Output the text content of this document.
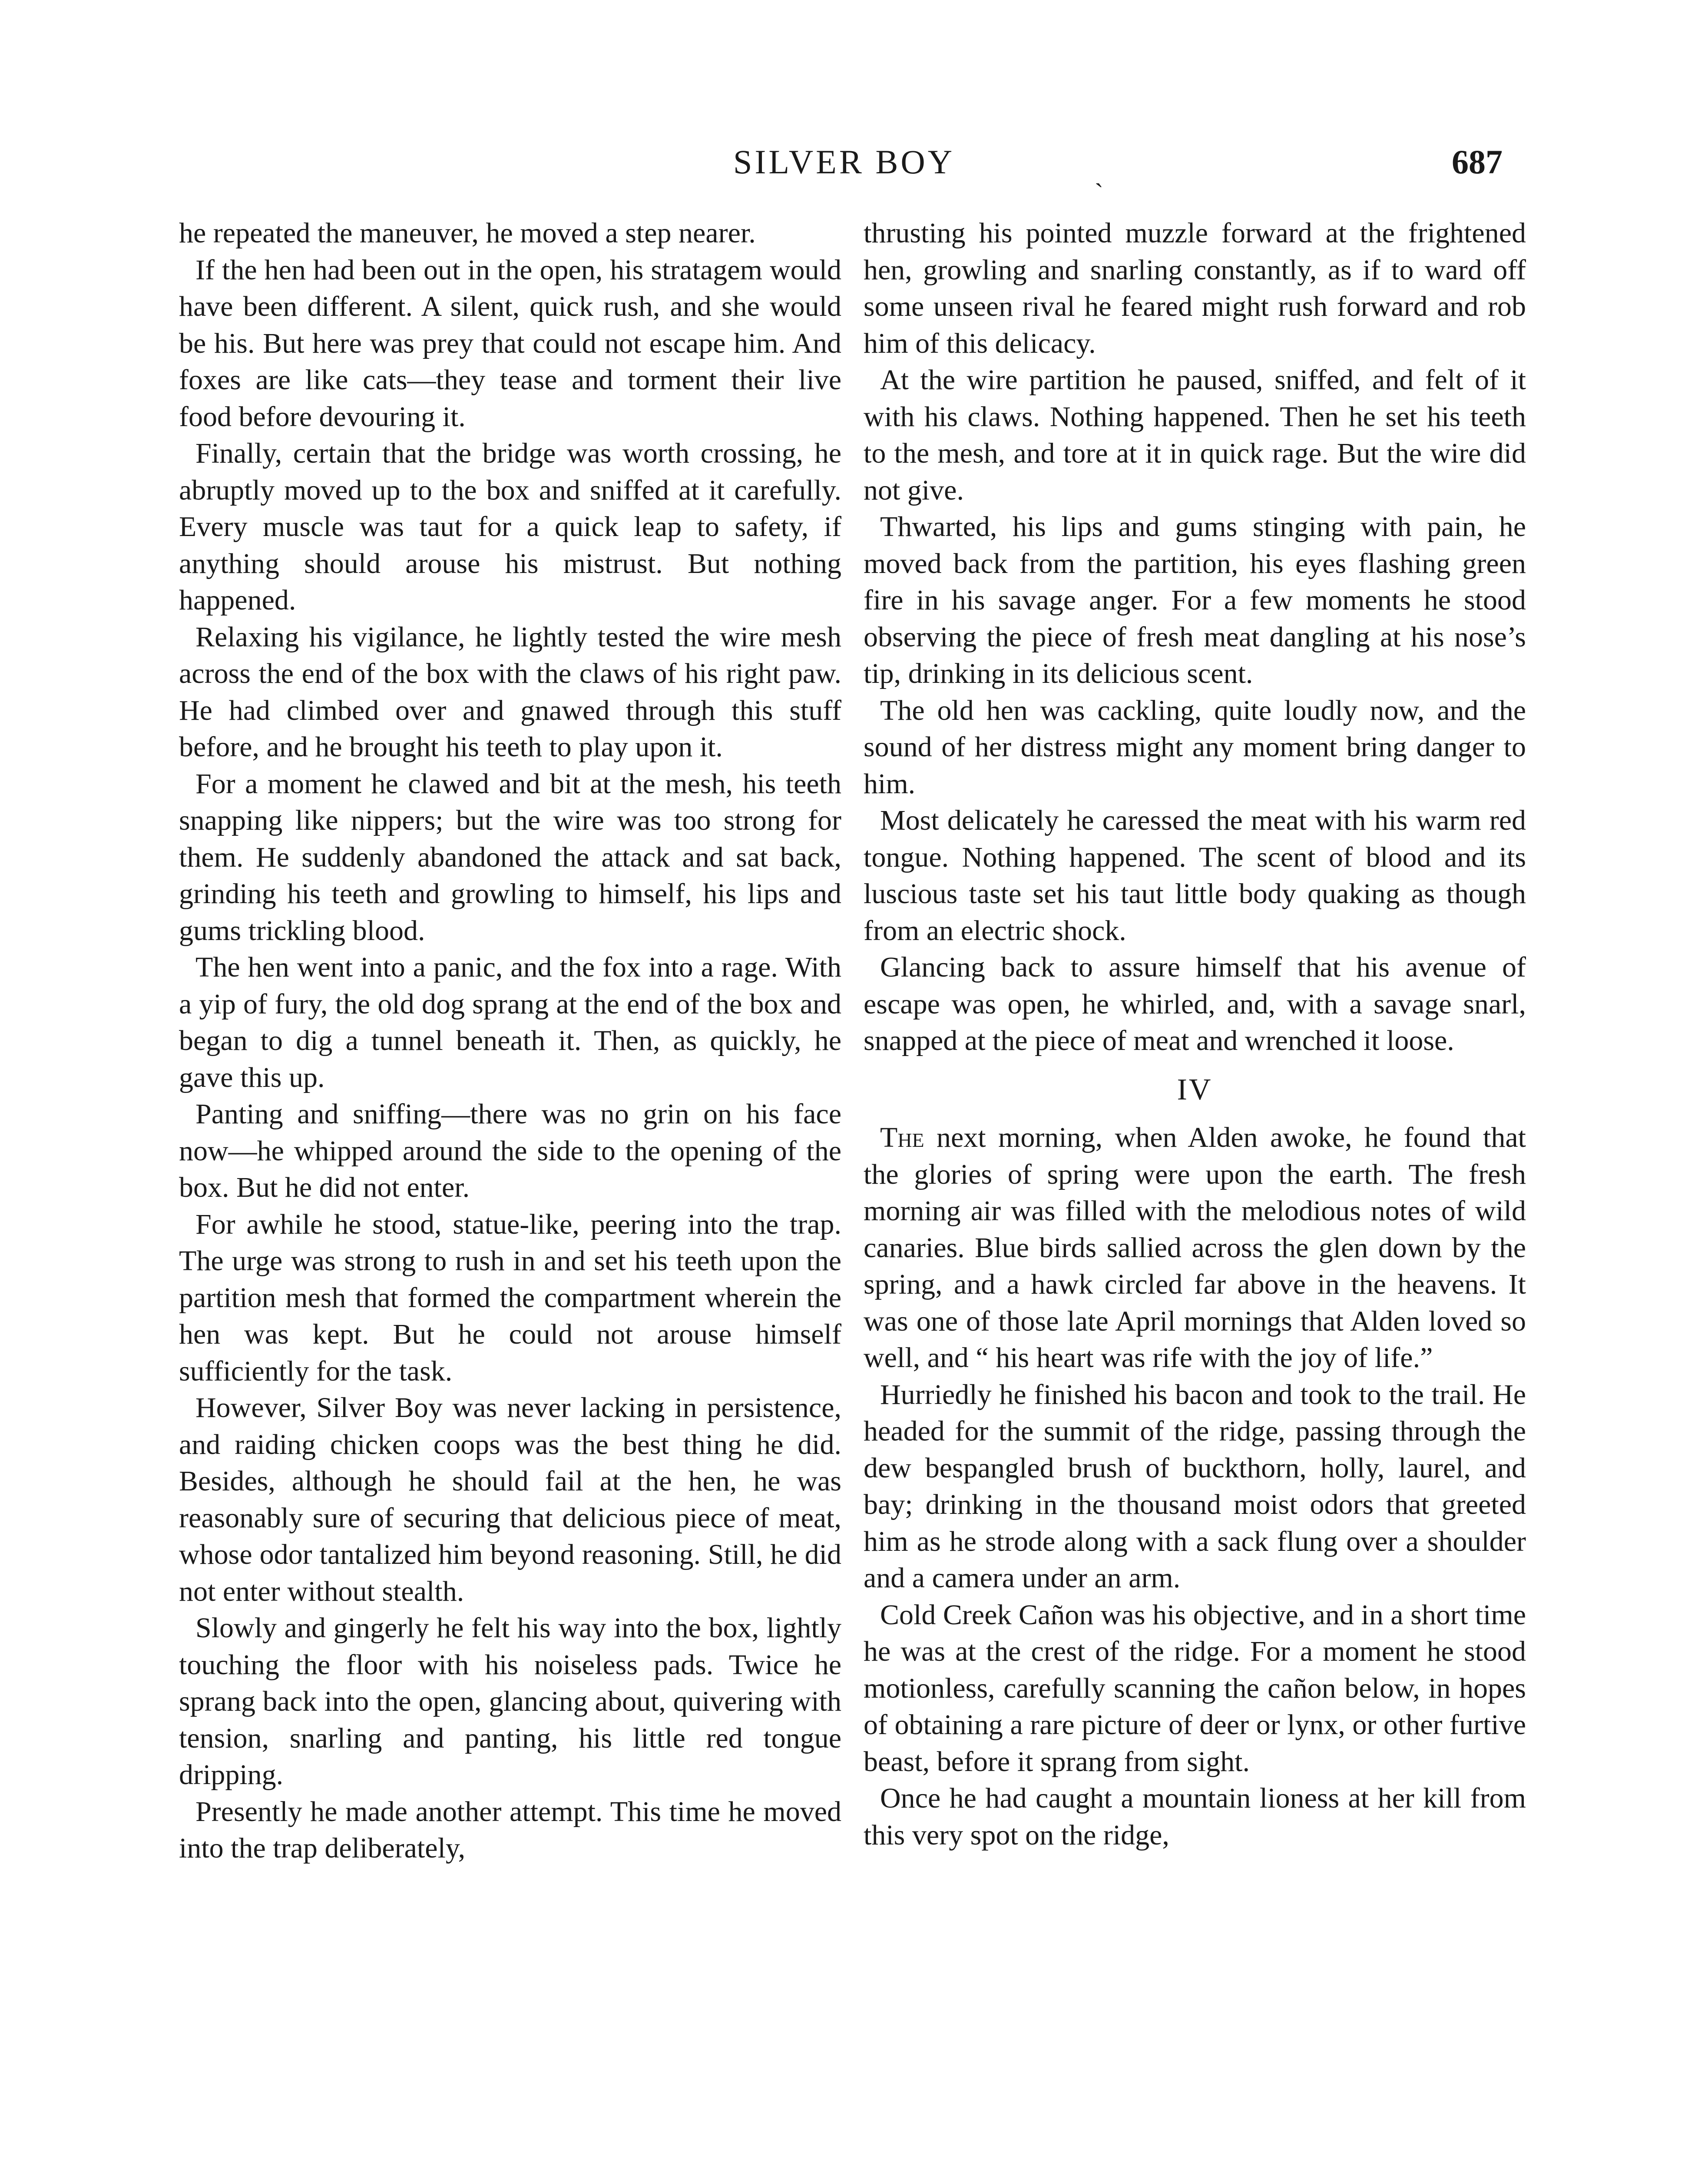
SILVER BOY	ˏ	687

he repeated the maneuver, he moved a step nearer.

If the hen had been out in the open, his stratagem would have been different. A silent, quick rush, and she would be his. But here was prey that could not escape him. And foxes are like cats—they tease and torment their live food before devouring it.

Finally, certain that the bridge was worth crossing, he abruptly moved up to the box and sniffed at it carefully. Every muscle was taut for a quick leap to safety, if anything should arouse his mistrust. But nothing happened.

Relaxing his vigilance, he lightly tested the wire mesh across the end of the box with the claws of his right paw. He had climbed over and gnawed through this stuff before, and he brought his teeth to play upon it.

For a moment he clawed and bit at the mesh, his teeth snapping like nippers; but the wire was too strong for them. He suddenly abandoned the attack and sat back, grinding his teeth and growling to himself, his lips and gums trickling blood.

The hen went into a panic, and the fox into a rage. With a yip of fury, the old dog sprang at the end of the box and began to dig a tunnel beneath it. Then, as quickly, he gave this up.

Panting and sniffing—there was no grin on his face now—he whipped around the side to the opening of the box. But he did not enter.

For awhile he stood, statue-like, peering into the trap. The urge was strong to rush in and set his teeth upon the partition mesh that formed the compartment wherein the hen was kept. But he could not arouse himself sufficiently for the task.

However, Silver Boy was never lacking in persistence, and raiding chicken coops was the best thing he did. Besides, although he should fail at the hen, he was reasonably sure of securing that delicious piece of meat, whose odor tantalized him beyond reasoning. Still, he did not enter without stealth.

Slowly and gingerly he felt his way into the box, lightly touching the floor with his noiseless pads. Twice he sprang back into the open, glancing about, quivering with tension, snarling and panting, his little red tongue dripping.

Presently he made another attempt. This time he moved into the trap deliberately,

thrusting his pointed muzzle forward at the frightened hen, growling and snarling constantly, as if to ward off some unseen rival he feared might rush forward and rob him of this delicacy.

At the wire partition he paused, sniffed, and felt of it with his claws. Nothing happened. Then he set his teeth to the mesh, and tore at it in quick rage. But the wire did not give.

Thwarted, his lips and gums stinging with pain, he moved back from the partition, his eyes flashing green fire in his savage anger. For a few moments he stood observing the piece of fresh meat dangling at his nose’s tip, drinking in its delicious scent.

The old hen was cackling, quite loudly now, and the sound of her distress might any moment bring danger to him.

Most delicately he caressed the meat with his warm red tongue. Nothing happened. The scent of blood and its luscious taste set his taut little body quaking as though from an electric shock.

Glancing back to assure himself that his avenue of escape was open, he whirled, and, with a savage snarl, snapped at the piece of meat and wrenched it loose.

IV

The next morning, when Alden awoke, he found that the glories of spring were upon the earth. The fresh morning air was filled with the melodious notes of wild canaries. Blue birds sallied across the glen down by the spring, and a hawk circled far above in the heavens. It was one of those late April mornings that Alden loved so well, and “ his heart was rife with the joy of life.”

Hurriedly he finished his bacon and took to the trail. He headed for the summit of the ridge, passing through the dew bespangled brush of buckthorn, holly, laurel, and bay; drinking in the thousand moist odors that greeted him as he strode along with a sack flung over a shoulder and a camera under an arm.

Cold Creek Cañon was his objective, and in a short time he was at the crest of the ridge. For a moment he stood motionless, carefully scanning the cañon below, in hopes of obtaining a rare picture of deer or lynx, or other furtive beast, before it sprang from sight.

Once he had caught a mountain lioness at her kill from this very spot on the ridge,
